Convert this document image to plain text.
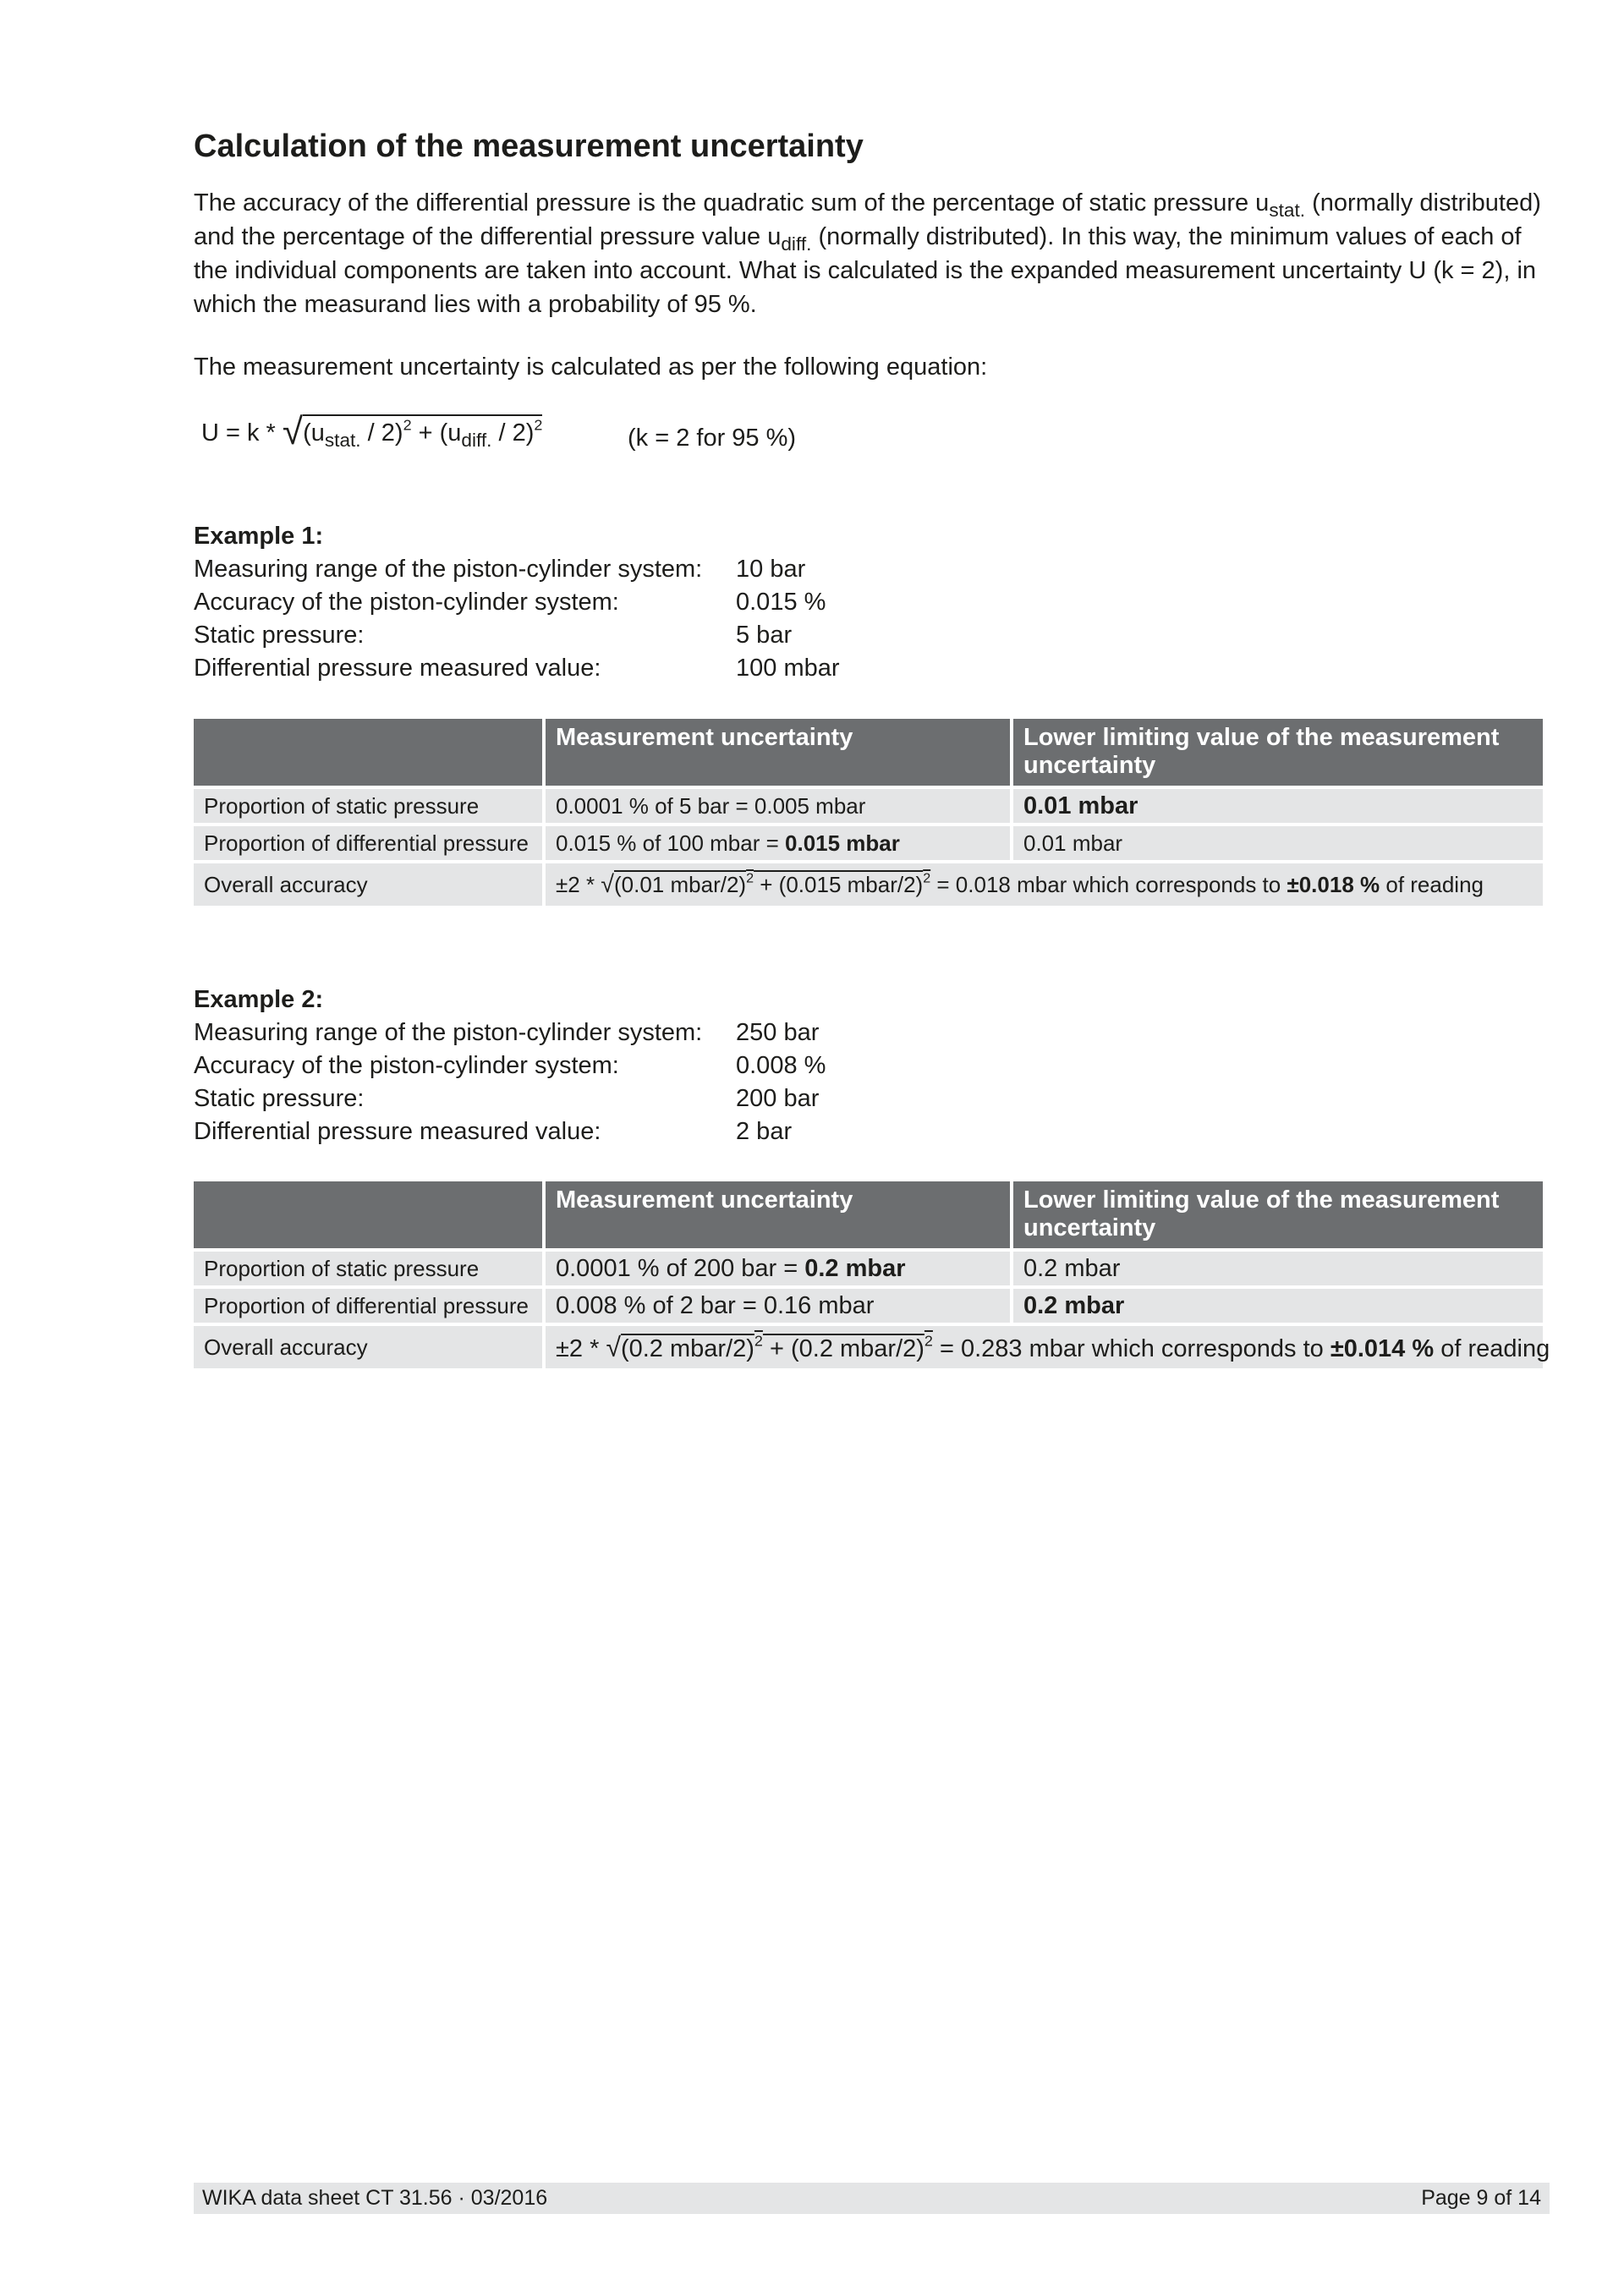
Calculation of the measurement uncertainty

The accuracy of the differential pressure is the quadratic sum of the percentage of static pressure $u_{stat.}$ (normally distributed) and the percentage of the differential pressure value $u_{diff.}$ (normally distributed). In this way, the minimum values of each of the individual components are taken into account. What is calculated is the expanded measurement uncertainty U (k = 2), in which the measurand lies with a probability of 95 %.

The measurement uncertainty is calculated as per the following equation:

$U = k * √(u_{stat.} / 2)^2 + (u_{diff.} / 2)^2$	(k = 2 for 95 %)

Example 1:

Measuring range of the piston-cylinder system:	10 bar
Accuracy of the piston-cylinder system:	0.015 %
Static pressure:	5 bar
Differential pressure measured value:	100 mbar
	Measurement uncertainty	Lower limiting value of the measurement uncertainty
Proportion of static pressure	0.0001 % of 5 bar = 0.005 mbar	0.01 mbar
Proportion of differential pressure	0.015 % of 100 mbar = 0.015 mbar	0.01 mbar
Overall accuracy	±2 * √(0.01 mbar/2)$^2$ + (0.015 mbar/2)$^2$ = 0.018 mbar which corresponds to ±0.018 % of reading	

Example 2:

Measuring range of the piston-cylinder system:	250 bar
Accuracy of the piston-cylinder system:	0.008 %
Static pressure:	200 bar
Differential pressure measured value:	2 bar
	Measurement uncertainty	Lower limiting value of the measurement uncertainty
Proportion of static pressure	0.0001 % of 200 bar = 0.2 mbar	0.2 mbar
Proportion of differential pressure	0.008 % of 2 bar = 0.16 mbar	0.2 mbar
Overall accuracy	±2 * √(0.2 mbar/2)$^2$ + (0.2 mbar/2)$^2$ = 0.283 mbar which corresponds to ±0.014 % of reading	
WIKA data sheet CT 31.56 · 03/2016	Page 9 of 14
